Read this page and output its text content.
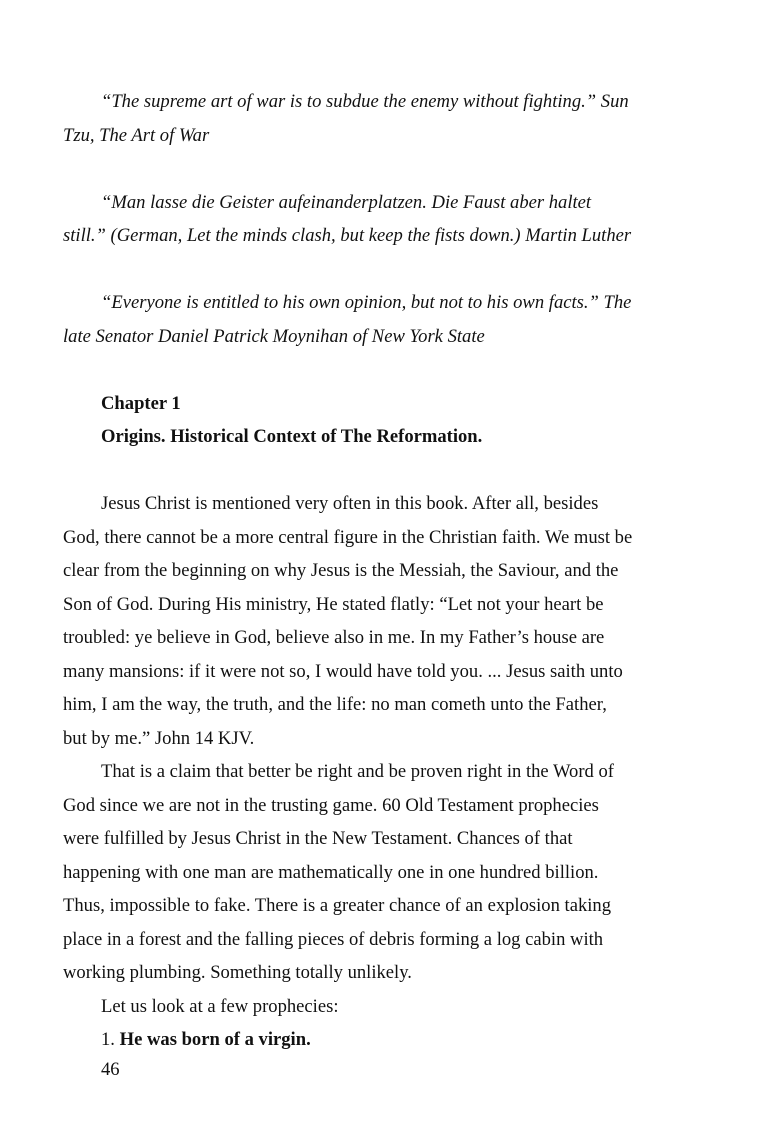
“The supreme art of war is to subdue the enemy without fighting.” Sun

Tzu, The Art of War

“Man lasse die Geister aufeinanderplatzen. Die Faust aber haltet

still.” (German, Let the minds clash, but keep the fists down.) Martin Luther

“Everyone is entitled to his own opinion, but not to his own facts.” The

late Senator Daniel Patrick Moynihan of New York State

Chapter 1

Origins. Historical Context of The Reformation.

Jesus Christ is mentioned very often in this book. After all, besides

God, there cannot be a more central figure in the Christian faith. We must be

clear from the beginning on why Jesus is the Messiah, the Saviour, and the

Son of God. During His ministry, He stated flatly: “Let not your heart be

troubled: ye believe in God, believe also in me. In my Father’s house are

many mansions: if it were not so, I would have told you. ... Jesus saith unto

him, I am the way, the truth, and the life: no man cometh unto the Father,

but by me.” John 14 KJV.

That is a claim that better be right and be proven right in the Word of

God since we are not in the trusting game. 60 Old Testament prophecies

were fulfilled by Jesus Christ in the New Testament. Chances of that

happening with one man are mathematically one in one hundred billion.

Thus, impossible to fake. There is a greater chance of an explosion taking

place in a forest and the falling pieces of debris forming a log cabin with

working plumbing. Something totally unlikely.

Let us look at a few prophecies:

1. He was born of a virgin.

46
